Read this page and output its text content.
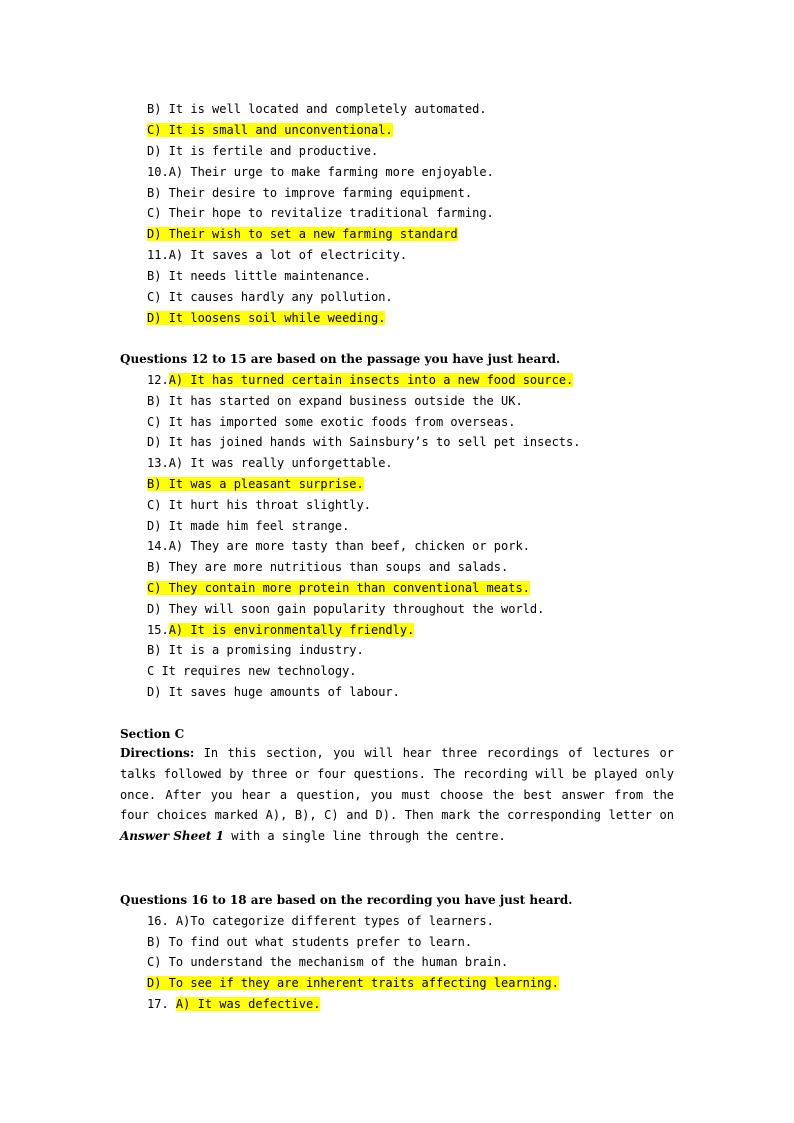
B) It is well located and completely automated.
C) It is small and unconventional.
D) It is fertile and productive.
10.A) Their urge to make farming more enjoyable.
B) Their desire to improve farming equipment.
C) Their hope to revitalize traditional farming.
D) Their wish to set a new farming standard
11.A) It saves a lot of electricity.
B) It needs little maintenance.
C) It causes hardly any pollution.
D) It loosens soil while weeding.
Questions 12 to 15 are based on the passage you have just heard.
12.A) It has turned certain insects into a new food source.
B) It has started on expand business outside the UK.
C) It has imported some exotic foods from overseas.
D) It has joined hands with Sainsbury’s to sell pet insects.
13.A) It was really unforgettable.
B) It was a pleasant surprise.
C) It hurt his throat slightly.
D) It made him feel strange.
14.A) They are more tasty than beef, chicken or pork.
B) They are more nutritious than soups and salads.
C) They contain more protein than conventional meats.
D) They will soon gain popularity throughout the world.
15.A) It is environmentally friendly.
B) It is a promising industry.
C It requires new technology.
D) It saves huge amounts of labour.
Section C
Directions: In this section, you will hear three recordings of lectures or talks followed by three or four questions. The recording will be played only once. After you hear a question, you must choose the best answer from the four choices marked A), B), C) and D). Then mark the corresponding letter on Answer Sheet 1 with a single line through the centre.
Questions 16 to 18 are based on the recording you have just heard.
16. A)To categorize different types of learners.
B) To find out what students prefer to learn.
C) To understand the mechanism of the human brain.
D) To see if they are inherent traits affecting learning.
17. A) It was defective.
